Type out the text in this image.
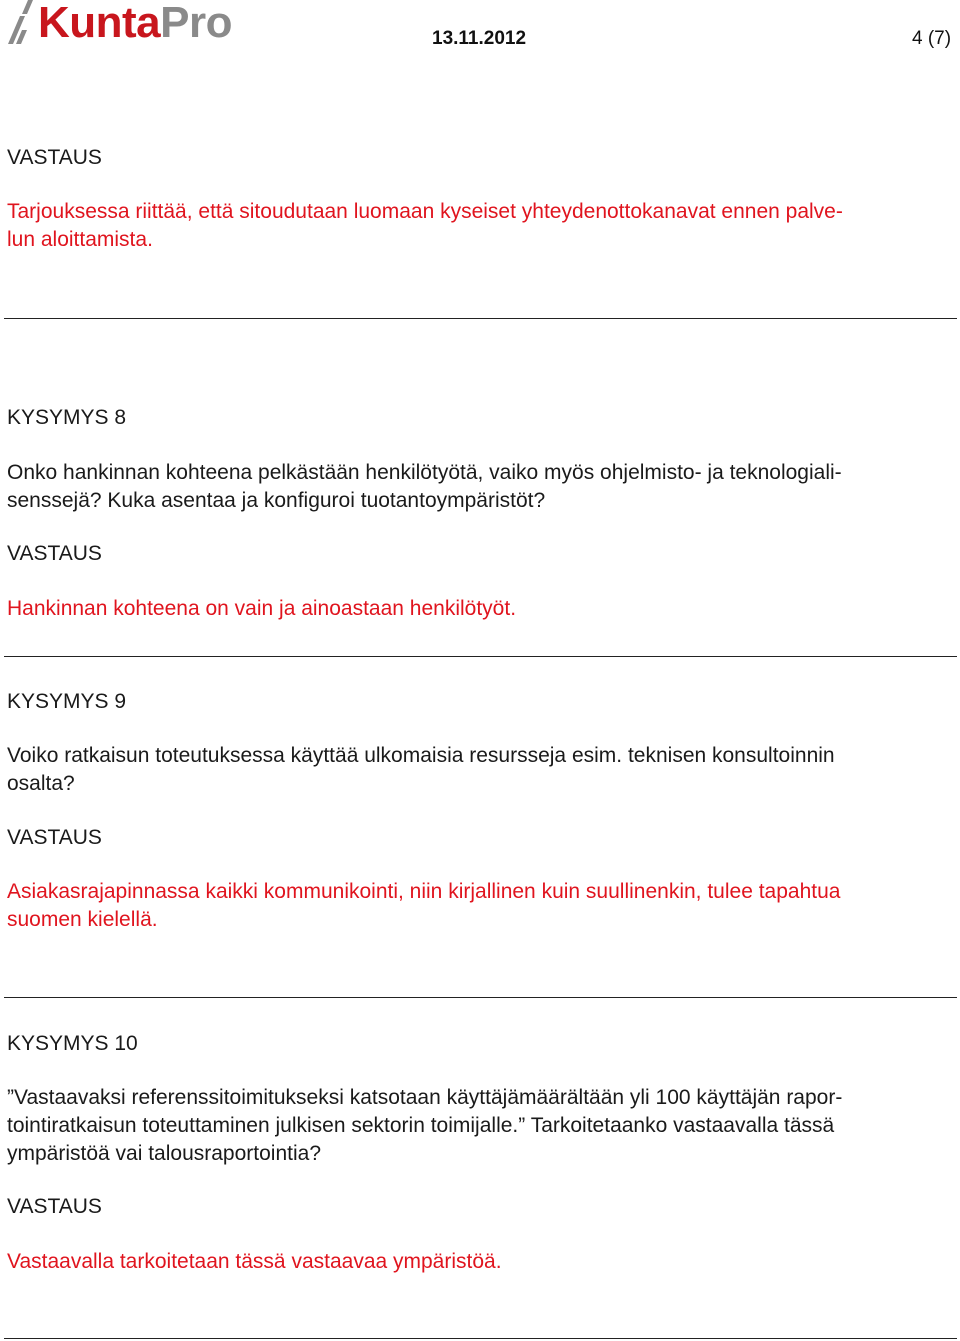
KuntaPro	13.11.2012	4 (7)
VASTAUS
Tarjouksessa riittää, että sitoudutaan luomaan kyseiset yhteydenottokanavat ennen palve-
lun aloittamista.
KYSYMYS 8
Onko hankinnan kohteena pelkästään henkilötyötä, vaiko myös ohjelmisto- ja teknologiali-
senssejä? Kuka asentaa ja konfiguroi tuotantoympäristöt?
VASTAUS
Hankinnan kohteena on vain ja ainoastaan henkilötyöt.
KYSYMYS 9
Voiko ratkaisun toteutuksessa käyttää ulkomaisia resursseja esim. teknisen konsultoinnin
osalta?
VASTAUS
Asiakasrajapinnassa kaikki kommunikointi, niin kirjallinen kuin suullinenkin, tulee tapahtua
suomen kielellä.
KYSYMYS 10
”Vastaavaksi referenssitoimitukseksi katsotaan käyttäjämäärältään yli 100 käyttäjän rapor-
tointiratkaisun toteuttaminen julkisen sektorin toimijalle.” Tarkoitetaanko vastaavalla tässä
ympäristöä vai talousraportointia?
VASTAUS
Vastaavalla tarkoitetaan tässä vastaavaa ympäristöä.
